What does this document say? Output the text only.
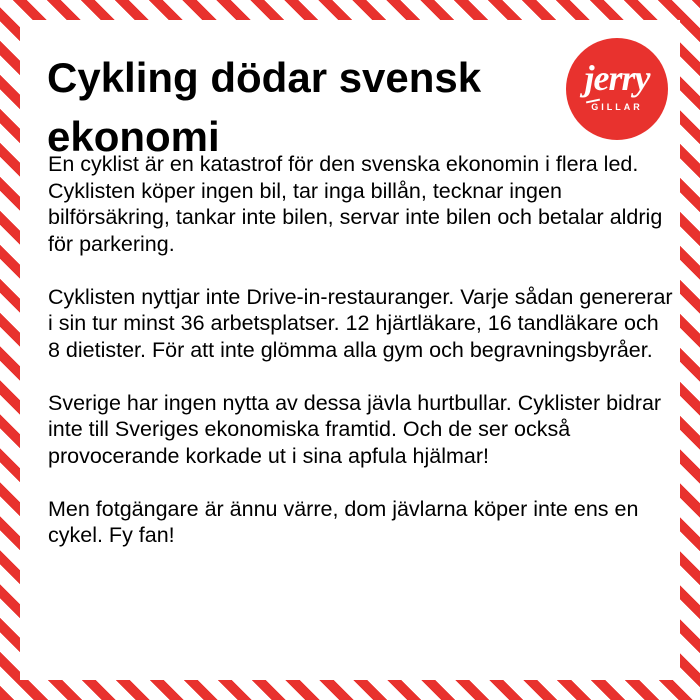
Cykling dödar svensk ekonomi
jerry
GILLAR

En cyklist är en katastrof för den svenska ekonomin i flera led. Cyklisten köper ingen bil, tar inga billån, tecknar ingen bilförsäkring, tankar inte bilen, servar inte bilen och betalar aldrig för parkering.

Cyklisten nyttjar inte Drive-in-restauranger. Varje sådan genererar i sin tur minst 36 arbetsplatser. 12 hjärtläkare, 16 tandläkare och 8 dietister. För att inte glömma alla gym och begravningsbyråer.

Sverige har ingen nytta av dessa jävla hurtbullar. Cyklister bidrar inte till Sveriges ekonomiska framtid. Och de ser också provocerande korkade ut i sina apfula hjälmar!

Men fotgängare är ännu värre, dom jävlarna köper inte ens en cykel. Fy fan!
